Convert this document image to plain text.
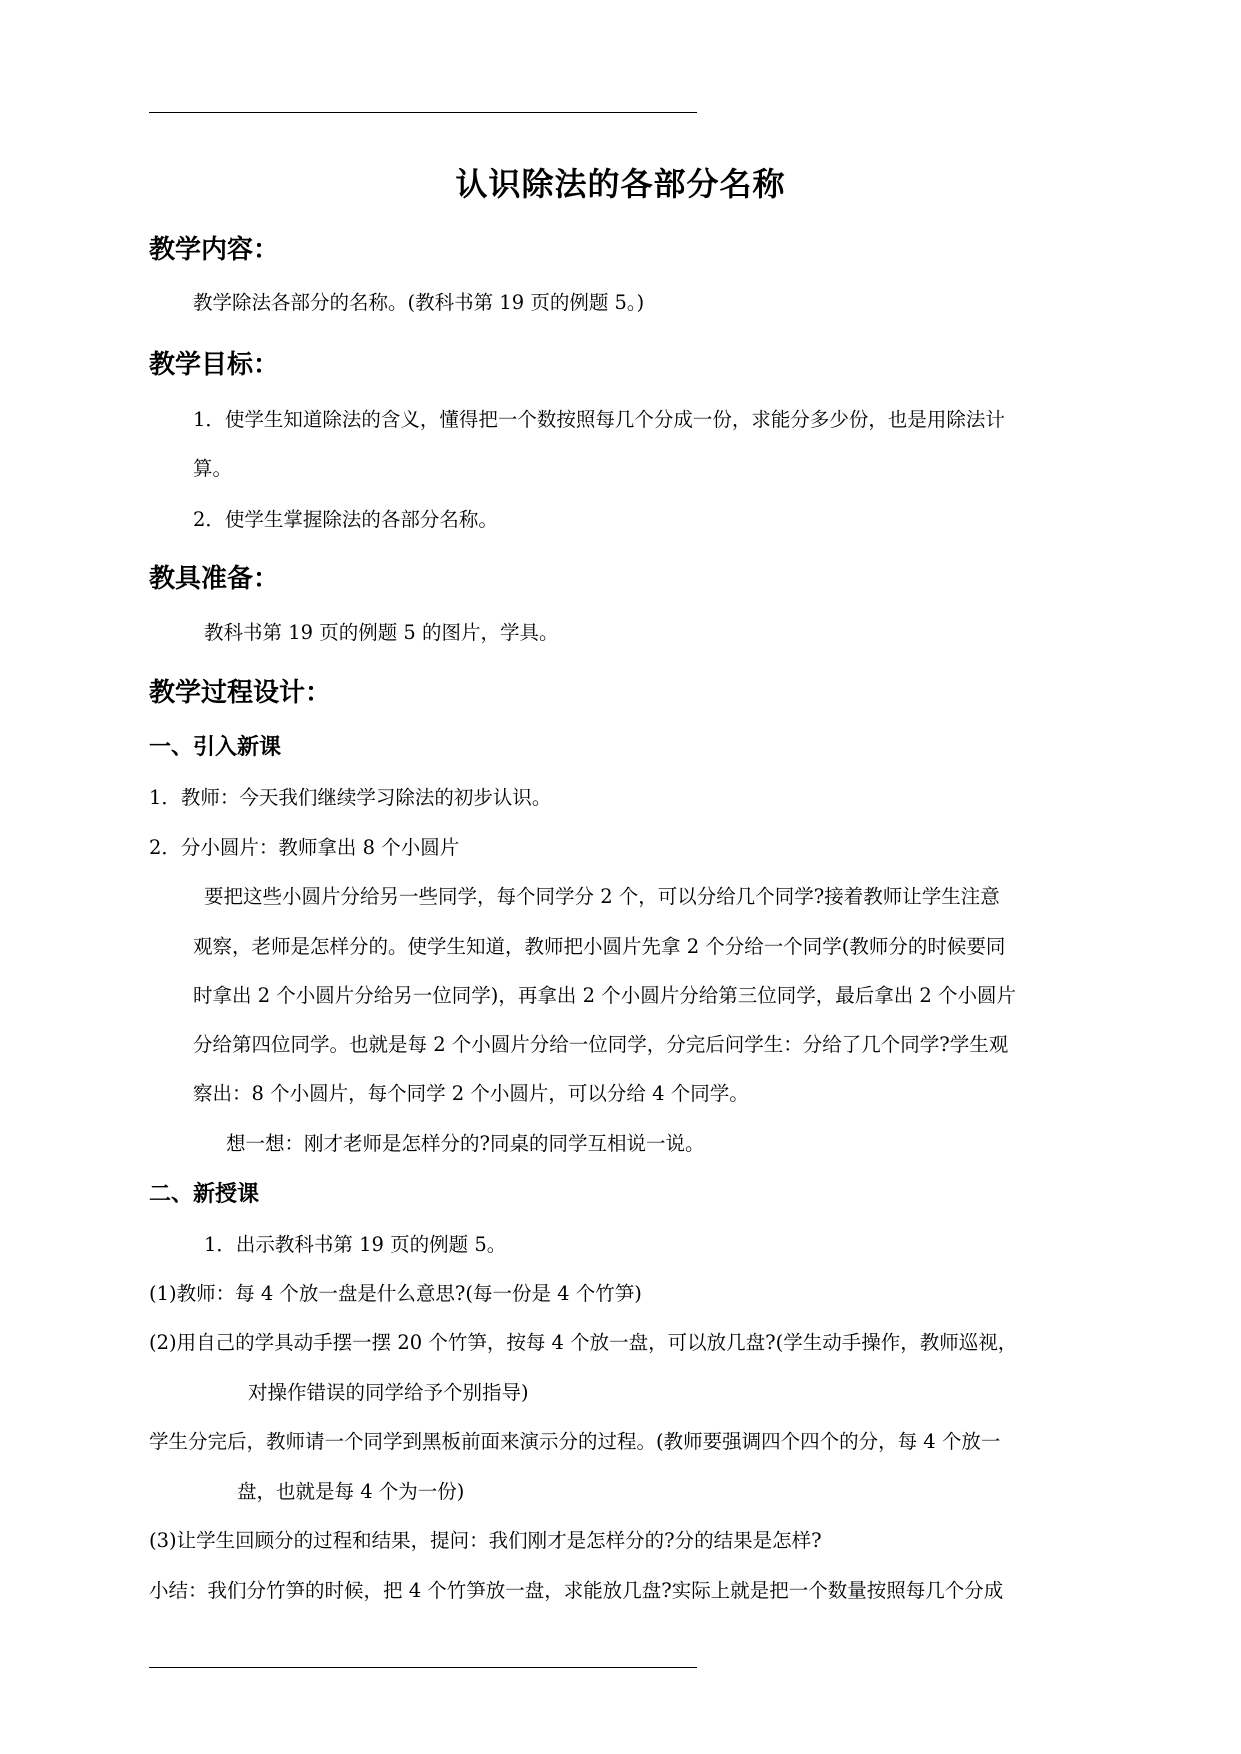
认识除法的各部分名称
教学内容：
教学除法各部分的名称。(教科书第 19 页的例题 5。)
教学目标：
1．使学生知道除法的含义，懂得把一个数按照每几个分成一份，求能分多少份，也是用除法计
算。
2．使学生掌握除法的各部分名称。
教具准备：
教科书第 19 页的例题 5 的图片，学具。
教学过程设计：
一、引入新课
1．教师：今天我们继续学习除法的初步认识。
2．分小圆片：教师拿出 8 个小圆片
要把这些小圆片分给另一些同学，每个同学分 2 个，可以分给几个同学?接着教师让学生注意
观察，老师是怎样分的。使学生知道，教师把小圆片先拿 2 个分给一个同学(教师分的时候要同
时拿出 2 个小圆片分给另一位同学)，再拿出 2 个小圆片分给第三位同学，最后拿出 2 个小圆片
分给第四位同学。也就是每 2 个小圆片分给一位同学，分完后问学生：分给了几个同学?学生观
察出：8 个小圆片，每个同学 2 个小圆片，可以分给 4 个同学。
想一想：刚才老师是怎样分的?同桌的同学互相说一说。
二、新授课
1．出示教科书第 19 页的例题 5。
(1)教师：每 4 个放一盘是什么意思?(每一份是 4 个竹笋)
(2)用自己的学具动手摆一摆 20 个竹笋，按每 4 个放一盘，可以放几盘?(学生动手操作，教师巡视，
对操作错误的同学给予个别指导)
学生分完后，教师请一个同学到黑板前面来演示分的过程。(教师要强调四个四个的分，每 4 个放一
盘，也就是每 4 个为一份)
(3)让学生回顾分的过程和结果，提问：我们刚才是怎样分的?分的结果是怎样?
小结：我们分竹笋的时候，把 4 个竹笋放一盘，求能放几盘?实际上就是把一个数量按照每几个分成
